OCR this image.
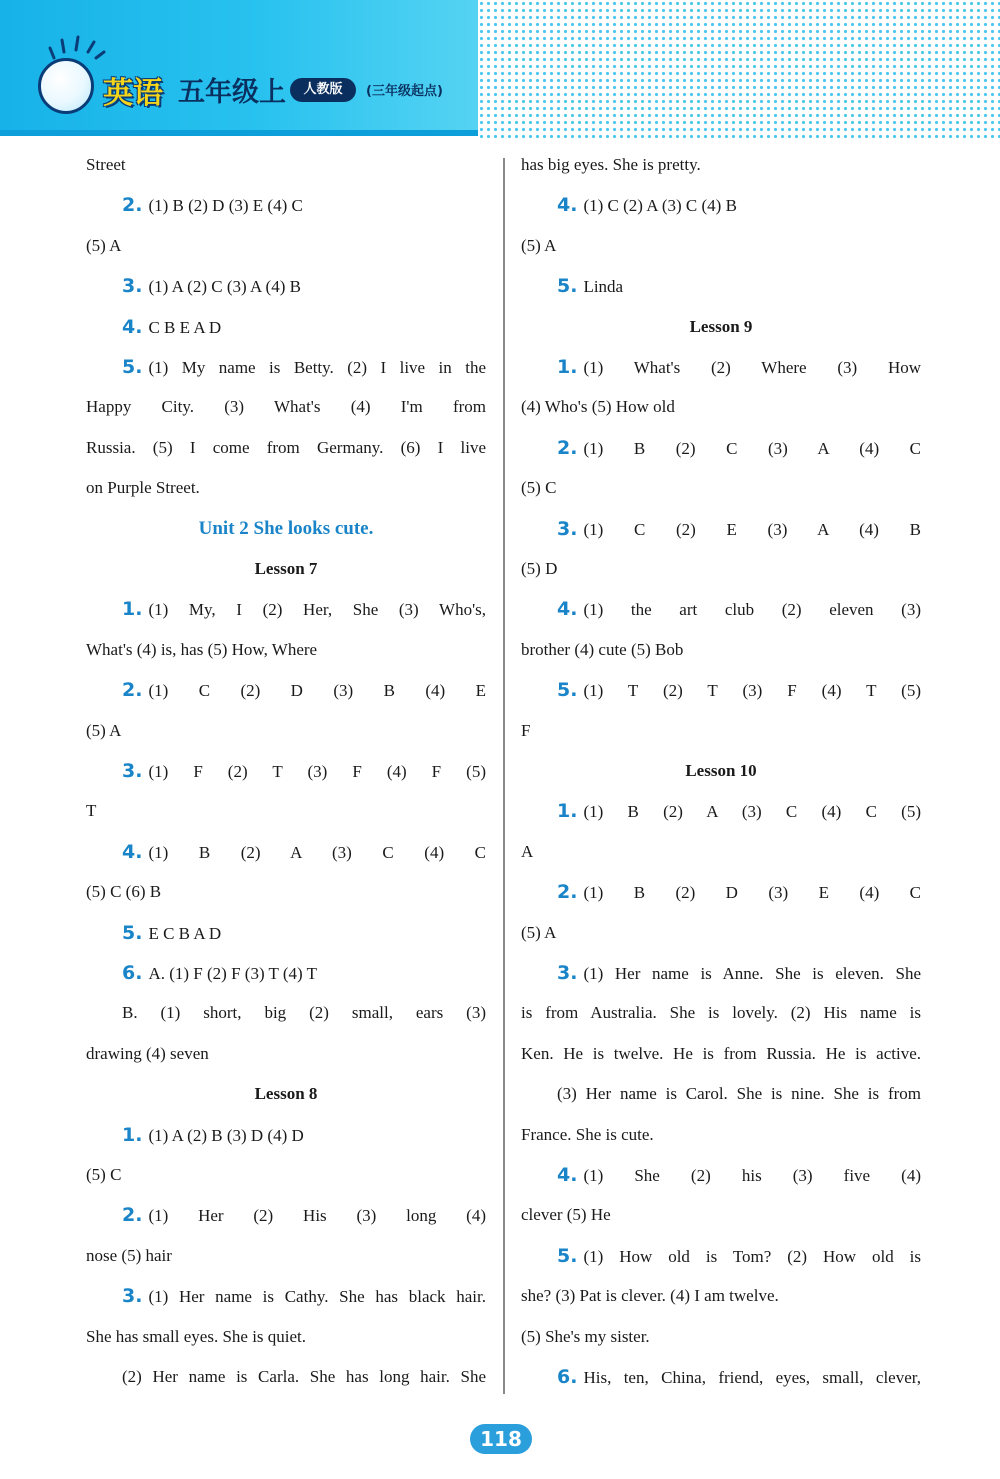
英语 五年级上	人教版	(三年级起点)
Street
2. (1) B (2) D (3) E (4) C
(5) A
3. (1) A (2) C (3) A (4) B
4. C B E A D
5. (1) My name is Betty. (2) I live in the
Happy City. (3) What's (4) I'm from
Russia. (5) I come from Germany. (6) I live
on Purple Street.
Unit 2 She looks cute.
Lesson 7
1. (1) My, I (2) Her, She (3) Who's,
What's (4) is, has (5) How, Where
2. (1) C (2) D (3) B (4) E
(5) A
3. (1) F (2) T (3) F (4) F (5)
T
4. (1) B (2) A (3) C (4) C
(5) C (6) B
5. E C B A D
6. A. (1) F (2) F (3) T (4) T
B. (1) short, big (2) small, ears (3)
drawing (4) seven
Lesson 8
1. (1) A (2) B (3) D (4) D
(5) C
2. (1) Her (2) His (3) long (4)
nose (5) hair
3. (1) Her name is Cathy. She has black hair.
She has small eyes. She is quiet.
(2) Her name is Carla. She has long hair. She
has big eyes. She is pretty.
4. (1) C (2) A (3) C (4) B
(5) A
5. Linda
Lesson 9
1. (1) What's (2) Where (3) How
(4) Who's (5) How old
2. (1) B (2) C (3) A (4) C
(5) C
3. (1) C (2) E (3) A (4) B
(5) D
4. (1) the art club (2) eleven (3)
brother (4) cute (5) Bob
5. (1) T (2) T (3) F (4) T (5)
F
Lesson 10
1. (1) B (2) A (3) C (4) C (5)
A
2. (1) B (2) D (3) E (4) C
(5) A
3. (1) Her name is Anne. She is eleven. She
is from Australia. She is lovely. (2) His name is
Ken. He is twelve. He is from Russia. He is active.
(3) Her name is Carol. She is nine. She is from
France. She is cute.
4. (1) She (2) his (3) five (4)
clever (5) He
5. (1) How old is Tom? (2) How old is
she? (3) Pat is clever. (4) I am twelve.
(5) She's my sister.
6. His, ten, China, friend, eyes, small, clever,
118
